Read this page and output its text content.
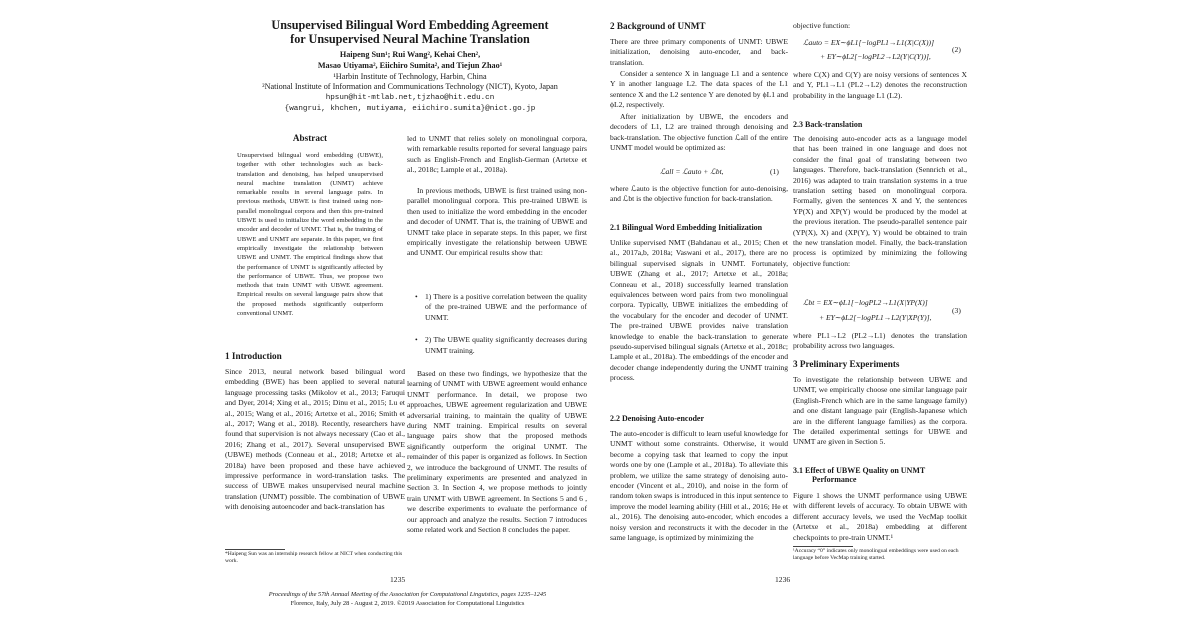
Unsupervised Bilingual Word Embedding Agreement
for Unsupervised Neural Machine Translation
Haipeng Sun¹; Rui Wang², Kehai Chen²,
Masao Utiyama², Eiichiro Sumita², and Tiejun Zhao¹
¹Harbin Institute of Technology, Harbin, China
²National Institute of Information and Communications Technology (NICT), Kyoto, Japan
hpsun@hit-mtlab.net,tjzhao@hit.edu.cn
{wangrui, khchen, mutiyama, eiichiro.sumita}@nict.go.jp
Abstract
Unsupervised bilingual word embedding (UBWE), together with other technologies such as back-translation and denoising, has helped unsupervised neural machine translation (UNMT) achieve remarkable results in several language pairs. In previous methods, UBWE is first trained using non-parallel monolingual corpora and then this pre-trained UBWE is used to initialize the word embedding in the encoder and decoder of UNMT. That is, the training of UBWE and UNMT are separate. In this paper, we first empirically investigate the relationship between UBWE and UNMT. The empirical findings show that the performance of UNMT is significantly affected by the performance of UBWE. Thus, we propose two methods that train UNMT with UBWE agreement. Empirical results on several language pairs show that the proposed methods significantly outperform conventional UNMT.
1 Introduction
Since 2013, neural network based bilingual word embedding (BWE) has been applied to several natural language processing tasks (Mikolov et al., 2013; Faruqui and Dyer, 2014; Xing et al., 2015; Dinu et al., 2015; Lu et al., 2015; Wang et al., 2016; Artetxe et al., 2016; Smith et al., 2017; Wang et al., 2018). Recently, researchers have found that supervision is not always necessary (Cao et al., 2016; Zhang et al., 2017). Several unsupervised BWE (UBWE) methods (Conneau et al., 2018; Artetxe et al., 2018a) have been proposed and these have achieved impressive performance in word-translation tasks. The success of UBWE makes unsupervised neural machine translation (UNMT) possible. The combination of UBWE with denoising autoencoder and back-translation has
*Haipeng Sun was an internship research fellow at NICT when conducting this work.
led to UNMT that relies solely on monolingual corpora, with remarkable results reported for several language pairs such as English-French and English-German (Artetxe et al., 2018c; Lample et al., 2018a).
In previous methods, UBWE is first trained using non-parallel monolingual corpora. This pre-trained UBWE is then used to initialize the word embedding in the encoder and decoder of UNMT. That is, the training of UBWE and UNMT take place in separate steps. In this paper, we first empirically investigate the relationship between UBWE and UNMT. Our empirical results show that:
• 1) There is a positive correlation between the quality of the pre-trained UBWE and the performance of UNMT.
• 2) The UBWE quality significantly decreases during UNMT training.
Based on these two findings, we hypothesize that the learning of UNMT with UBWE agreement would enhance UNMT performance. In detail, we propose two approaches, UBWE agreement regularization and UBWE adversarial training, to maintain the quality of UBWE during NMT training. Empirical results on several language pairs show that the proposed methods significantly outperform the original UNMT. The remainder of this paper is organized as follows. In Section 2, we introduce the background of UNMT. The results of preliminary experiments are presented and analyzed in Section 3. In Section 4, we propose methods to jointly train UNMT with UBWE agreement. In Sections 5 and 6 , we describe experiments to evaluate the performance of our approach and analyze the results. Section 7 introduces some related work and Section 8 concludes the paper.
1235
Proceedings of the 57th Annual Meeting of the Association for Computational Linguistics, pages 1235–1245
Florence, Italy, July 28 - August 2, 2019. ©2019 Association for Computational Linguistics
2 Background of UNMT
There are three primary components of UNMT: UBWE initialization, denoising auto-encoder, and back-translation.
Consider a sentence X in language L1 and a sentence Y in another language L2. The data spaces of the L1 sentence X and the L2 sentence Y are denoted by ϕL1 and ϕL2, respectively.
After initialization by UBWE, the encoders and decoders of L1, L2 are trained through denoising and back-translation. The objective function ℒall of the entire UNMT model would be optimized as:
ℒall = ℒauto + ℒbt,	(1)
where ℒauto is the objective function for auto-denoising, and ℒbt is the objective function for back-translation.
2.1 Bilingual Word Embedding Initialization
Unlike supervised NMT (Bahdanau et al., 2015; Chen et al., 2017a,b, 2018a; Vaswani et al., 2017), there are no bilingual supervised signals in UNMT. Fortunately, UBWE (Zhang et al., 2017; Artetxe et al., 2018a; Conneau et al., 2018) successfully learned translation equivalences between word pairs from two monolingual corpora. Typically, UBWE initializes the embedding of the vocabulary for the encoder and decoder of UNMT. The pre-trained UBWE provides naive translation knowledge to enable the back-translation to generate pseudo-supervised bilingual signals (Artetxe et al., 2018c; Lample et al., 2018a). The embeddings of the encoder and decoder change independently during the UNMT training process.
2.2 Denoising Auto-encoder
The auto-encoder is difficult to learn useful knowledge for UNMT without some constraints. Otherwise, it would become a copying task that learned to copy the input words one by one (Lample et al., 2018a). To alleviate this problem, we utilize the same strategy of denoising auto-encoder (Vincent et al., 2010), and noise in the form of random token swaps is introduced in this input sentence to improve the model learning ability (Hill et al., 2016; He et al., 2016). The denoising auto-encoder, which encodes a noisy version and reconstructs it with the decoder in the same language, is optimized by minimizing the
1236
objective function:
ℒauto = EX∼ϕL1[−logPL1→L1(X|C(X))]
+ EY∼ϕL2[−logPL2→L2(Y|C(Y))],
(2)
where C(X) and C(Y) are noisy versions of sentences X and Y, PL1→L1 (PL2→L2) denotes the reconstruction probability in the language L1 (L2).
2.3 Back-translation
The denoising auto-encoder acts as a language model that has been trained in one language and does not consider the final goal of translating between two languages. Therefore, back-translation (Sennrich et al., 2016) was adapted to train translation systems in a true translation setting based on monolingual corpora. Formally, given the sentences X and Y, the sentences YP(X) and XP(Y) would be produced by the model at the previous iteration. The pseudo-parallel sentence pair (YP(X), X) and (XP(Y), Y) would be obtained to train the new translation model. Finally, the back-translation process is optimized by minimizing the following objective function:
ℒbt = EX∼ϕL1[−logPL2→L1(X|YP(X)]
+ EY∼ϕL2[−logPL1→L2(Y|XP(Y)],
(3)
where PL1→L2 (PL2→L1) denotes the translation probability across two languages.
3 Preliminary Experiments
To investigate the relationship between UBWE and UNMT, we empirically choose one similar language pair (English-French which are in the same language family) and one distant language pair (English-Japanese which are in the different language families) as the corpora. The detailed experimental settings for UBWE and UNMT are given in Section 5.
3.1 Effect of UBWE Quality on UNMT
Performance
Figure 1 shows the UNMT performance using UBWE with different levels of accuracy. To obtain UBWE with different accuracy levels, we used the VecMap toolkit (Artetxe et al., 2018a) embedding at different checkpoints to pre-train UNMT.¹
¹Accuracy “0” indicates only monolingual embeddings were used on each language before VecMap training started.
